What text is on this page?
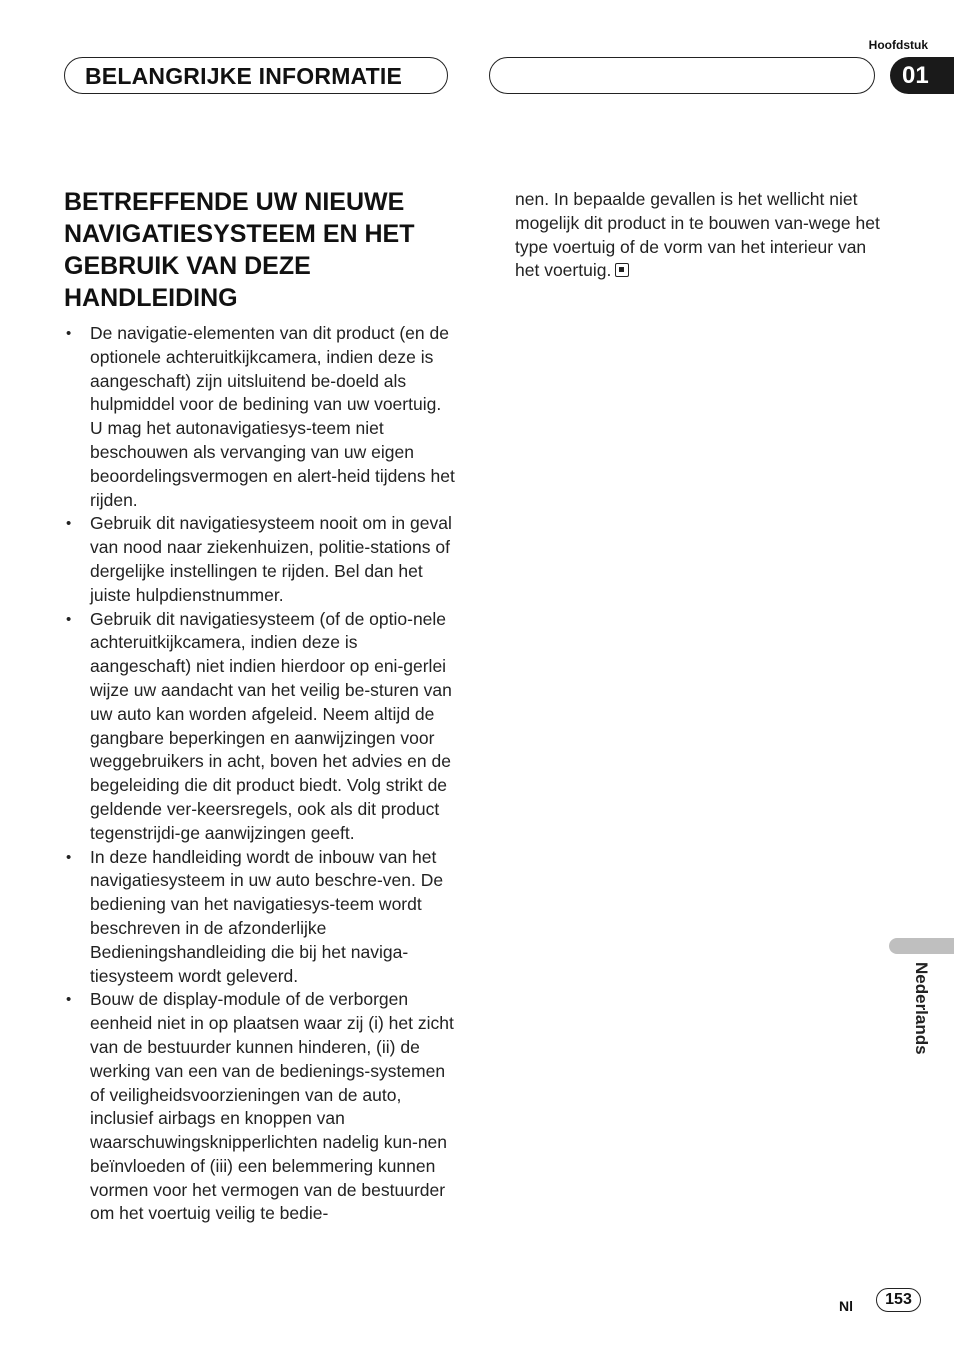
Hoofdstuk
BELANGRIJKE INFORMATIE	01
BETREFFENDE UW NIEUWE NAVIGATIESYSTEEM EN HET GEBRUIK VAN DEZE HANDLEIDING
• De navigatie-elementen van dit product (en de optionele achteruitkijkcamera, indien deze is aangeschaft) zijn uitsluitend be-doeld als hulpmiddel voor de bedining van uw voertuig. U mag het autonavigatiesys-teem niet beschouwen als vervanging van uw eigen beoordelingsvermogen en alert-heid tijdens het rijden.
• Gebruik dit navigatiesysteem nooit om in geval van nood naar ziekenhuizen, politie-stations of dergelijke instellingen te rijden. Bel dan het juiste hulpdienstnummer.
• Gebruik dit navigatiesysteem (of de optio-nele achteruitkijkcamera, indien deze is aangeschaft) niet indien hierdoor op eni-gerlei wijze uw aandacht van het veilig be-sturen van uw auto kan worden afgeleid. Neem altijd de gangbare beperkingen en aanwijzingen voor weggebruikers in acht, boven het advies en de begeleiding die dit product biedt. Volg strikt de geldende ver-keersregels, ook als dit product tegenstrijdi-ge aanwijzingen geeft.
• In deze handleiding wordt de inbouw van het navigatiesysteem in uw auto beschre-ven. De bediening van het navigatiesys-teem wordt beschreven in de afzonderlijke Bedieningshandleiding die bij het naviga-tiesysteem wordt geleverd.
• Bouw de display-module of de verborgen eenheid niet in op plaatsen waar zij (i) het zicht van de bestuurder kunnen hinderen, (ii) de werking van een van de bedienings-systemen of veiligheidsvoorzieningen van de auto, inclusief airbags en knoppen van waarschuwingsknipperlichten nadelig kun-nen beïnvloeden of (iii) een belemmering kunnen vormen voor het vermogen van de bestuurder om het voertuig veilig te bedie-
nen. In bepaalde gevallen is het wellicht niet mogelijk dit product in te bouwen van-wege het type voertuig of de vorm van het interieur van het voertuig.
Nederlands
Nl	153
